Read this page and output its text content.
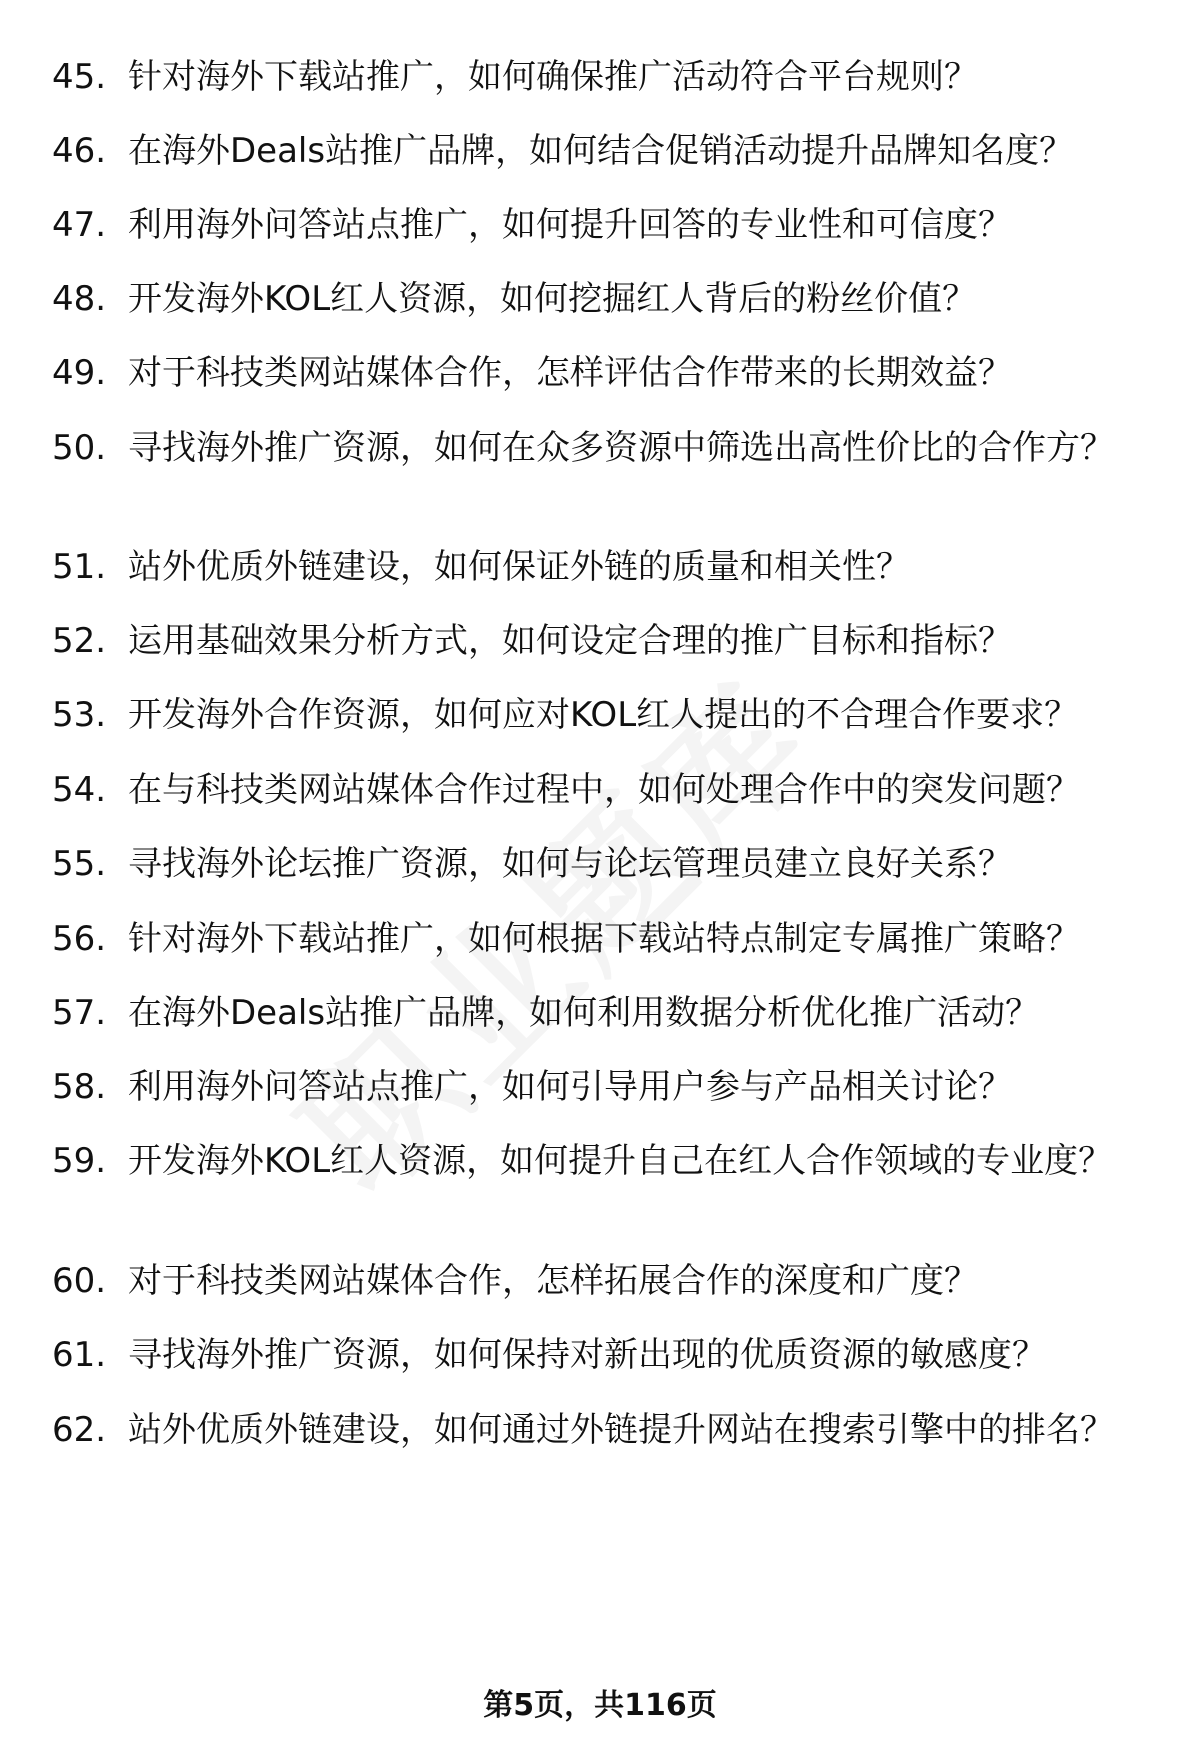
45. 针对海外下载站推广，如何确保推广活动符合平台规则？
46. 在海外Deals站推广品牌，如何结合促销活动提升品牌知名度？
47. 利用海外问答站点推广，如何提升回答的专业性和可信度？
48. 开发海外KOL红人资源，如何挖掘红人背后的粉丝价值？
49. 对于科技类网站媒体合作，怎样评估合作带来的长期效益？
50. 寻找海外推广资源，如何在众多资源中筛选出高性价比的合作方？
51. 站外优质外链建设，如何保证外链的质量和相关性？
52. 运用基础效果分析方式，如何设定合理的推广目标和指标？
53. 开发海外合作资源，如何应对KOL红人提出的不合理合作要求？
54. 在与科技类网站媒体合作过程中，如何处理合作中的突发问题？
55. 寻找海外论坛推广资源，如何与论坛管理员建立良好关系？
56. 针对海外下载站推广，如何根据下载站特点制定专属推广策略？
57. 在海外Deals站推广品牌，如何利用数据分析优化推广活动？
58. 利用海外问答站点推广，如何引导用户参与产品相关讨论？
59. 开发海外KOL红人资源，如何提升自己在红人合作领域的专业度？
60. 对于科技类网站媒体合作，怎样拓展合作的深度和广度？
61. 寻找海外推广资源，如何保持对新出现的优质资源的敏感度？
62. 站外优质外链建设，如何通过外链提升网站在搜索引擎中的排名？
第5页，共116页
